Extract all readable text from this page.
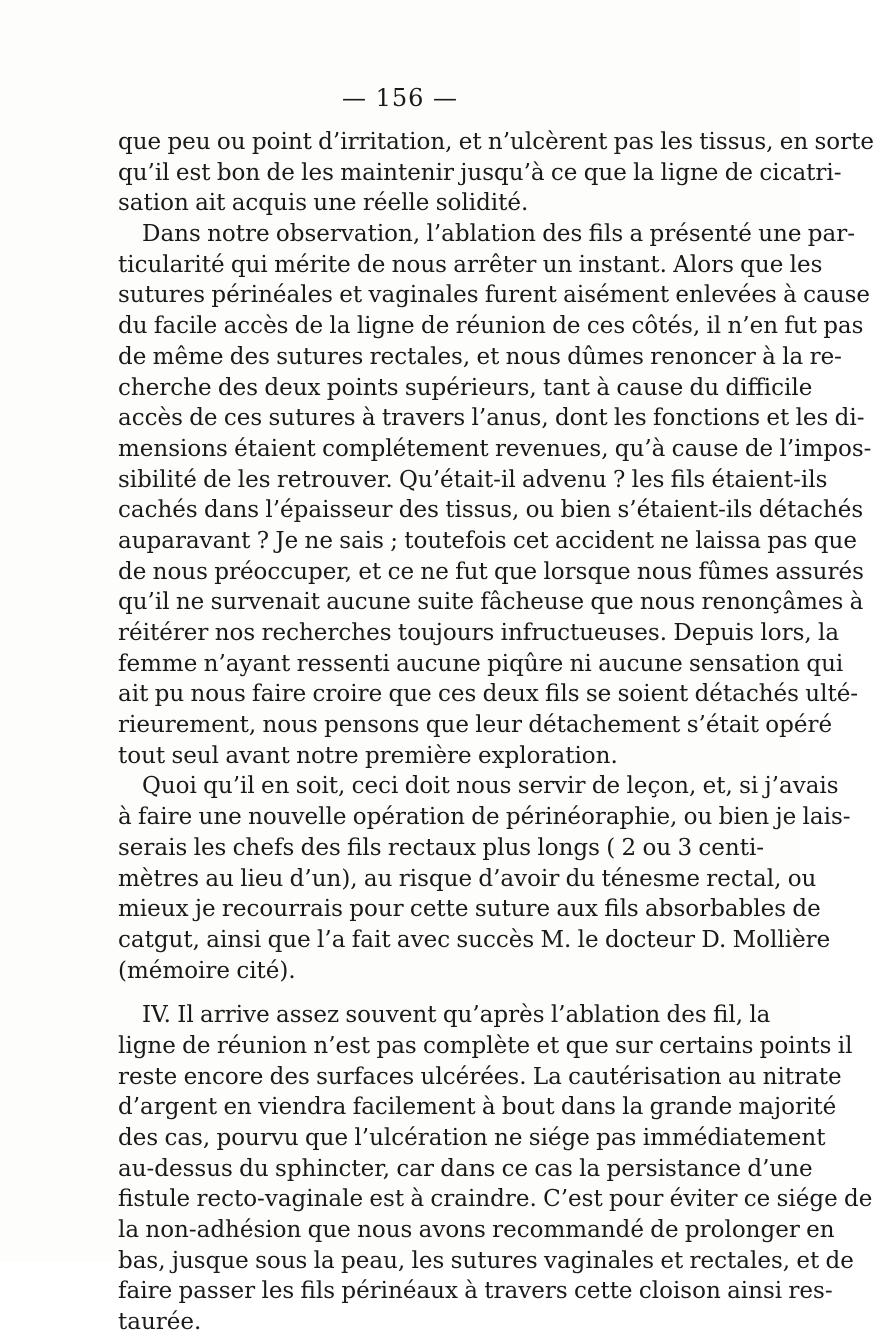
— 156 —
que peu ou point d’irritation, et n’ulcèrent pas les tissus, en sorte
qu’il est bon de les maintenir jusqu’à ce que la ligne de cicatri-
sation ait acquis une réelle solidité.
Dans notre observation, l’ablation des fils a présenté une par-
ticularité qui mérite de nous arrêter un instant. Alors que les
sutures périnéales et vaginales furent aisément enlevées à cause
du facile accès de la ligne de réunion de ces côtés, il n’en fut pas
de même des sutures rectales, et nous dûmes renoncer à la re-
cherche des deux points supérieurs, tant à cause du difficile
accès de ces sutures à travers l’anus, dont les fonctions et les di-
mensions étaient complétement revenues, qu’à cause de l’impos-
sibilité de les retrouver. Qu’était-il advenu ? les fils étaient-ils
cachés dans l’épaisseur des tissus, ou bien s’étaient-ils détachés
auparavant ? Je ne sais ; toutefois cet accident ne laissa pas que
de nous préoccuper, et ce ne fut que lorsque nous fûmes assurés
qu’il ne survenait aucune suite fâcheuse que nous renonçâmes à
réitérer nos recherches toujours infructueuses. Depuis lors, la
femme n’ayant ressenti aucune piqûre ni aucune sensation qui
ait pu nous faire croire que ces deux fils se soient détachés ulté-
rieurement, nous pensons que leur détachement s’était opéré
tout seul avant notre première exploration.
Quoi qu’il en soit, ceci doit nous servir de leçon, et, si j’avais
à faire une nouvelle opération de périnéoraphie, ou bien je lais-
serais les chefs des fils rectaux plus longs ( 2 ou 3 centi-
mètres au lieu d’un), au risque d’avoir du ténesme rectal, ou
mieux je recourrais pour cette suture aux fils absorbables de
catgut, ainsi que l’a fait avec succès M. le docteur D. Mollière
(mémoire cité).
IV. Il arrive assez souvent qu’après l’ablation des fil, la
ligne de réunion n’est pas complète et que sur certains points il
reste encore des surfaces ulcérées. La cautérisation au nitrate
d’argent en viendra facilement à bout dans la grande majorité
des cas, pourvu que l’ulcération ne siége pas immédiatement
au-dessus du sphincter, car dans ce cas la persistance d’une
fistule recto-vaginale est à craindre. C’est pour éviter ce siége de
la non-adhésion que nous avons recommandé de prolonger en
bas, jusque sous la peau, les sutures vaginales et rectales, et de
faire passer les fils périnéaux à travers cette cloison ainsi res-
taurée.
